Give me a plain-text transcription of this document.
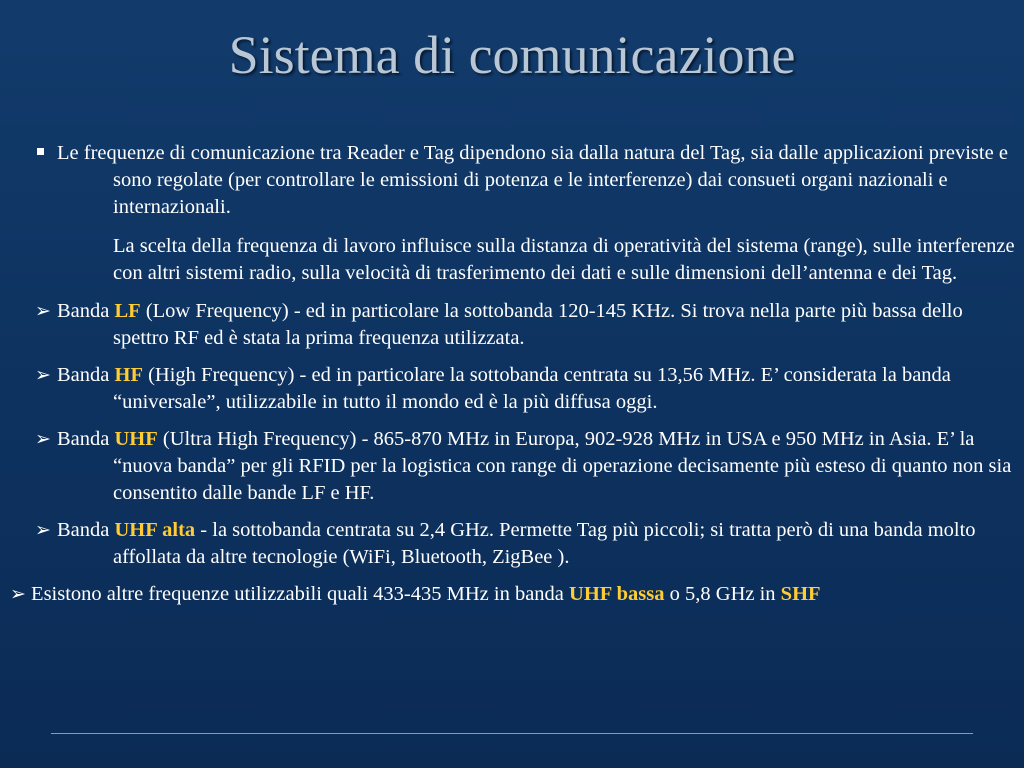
Sistema di comunicazione

Le frequenze di comunicazione tra Reader e Tag dipendono sia dalla natura del Tag, sia dalle applicazioni previste e sono regolate (per controllare le emissioni di potenza e le interferenze) dai consueti organi nazionali e internazionali.

La scelta della frequenza di lavoro influisce sulla distanza di operatività del sistema (range), sulle interferenze con altri sistemi radio, sulla velocità di trasferimento dei dati e sulle dimensioni dell’antenna e dei Tag.

➢ Banda LF (Low Frequency) - ed in particolare la sottobanda 120-145 KHz. Si trova nella parte più bassa dello spettro RF ed è stata la prima frequenza utilizzata.

➢ Banda HF (High Frequency) - ed in particolare la sottobanda centrata su 13,56 MHz. E’ considerata la banda “universale”, utilizzabile in tutto il mondo ed è la più diffusa oggi.

➢ Banda UHF (Ultra High Frequency) - 865-870 MHz in Europa, 902-928 MHz in USA e 950 MHz in Asia. E’ la “nuova banda” per gli RFID per la logistica con range di operazione decisamente più esteso di quanto non sia consentito dalle bande LF e HF.

➢ Banda UHF alta - la sottobanda centrata su 2,4 GHz. Permette Tag più piccoli; si tratta però di una banda molto affollata da altre tecnologie (WiFi, Bluetooth, ZigBee ).

➢ Esistono altre frequenze utilizzabili quali 433-435 MHz in banda UHF bassa o 5,8 GHz in SHF
